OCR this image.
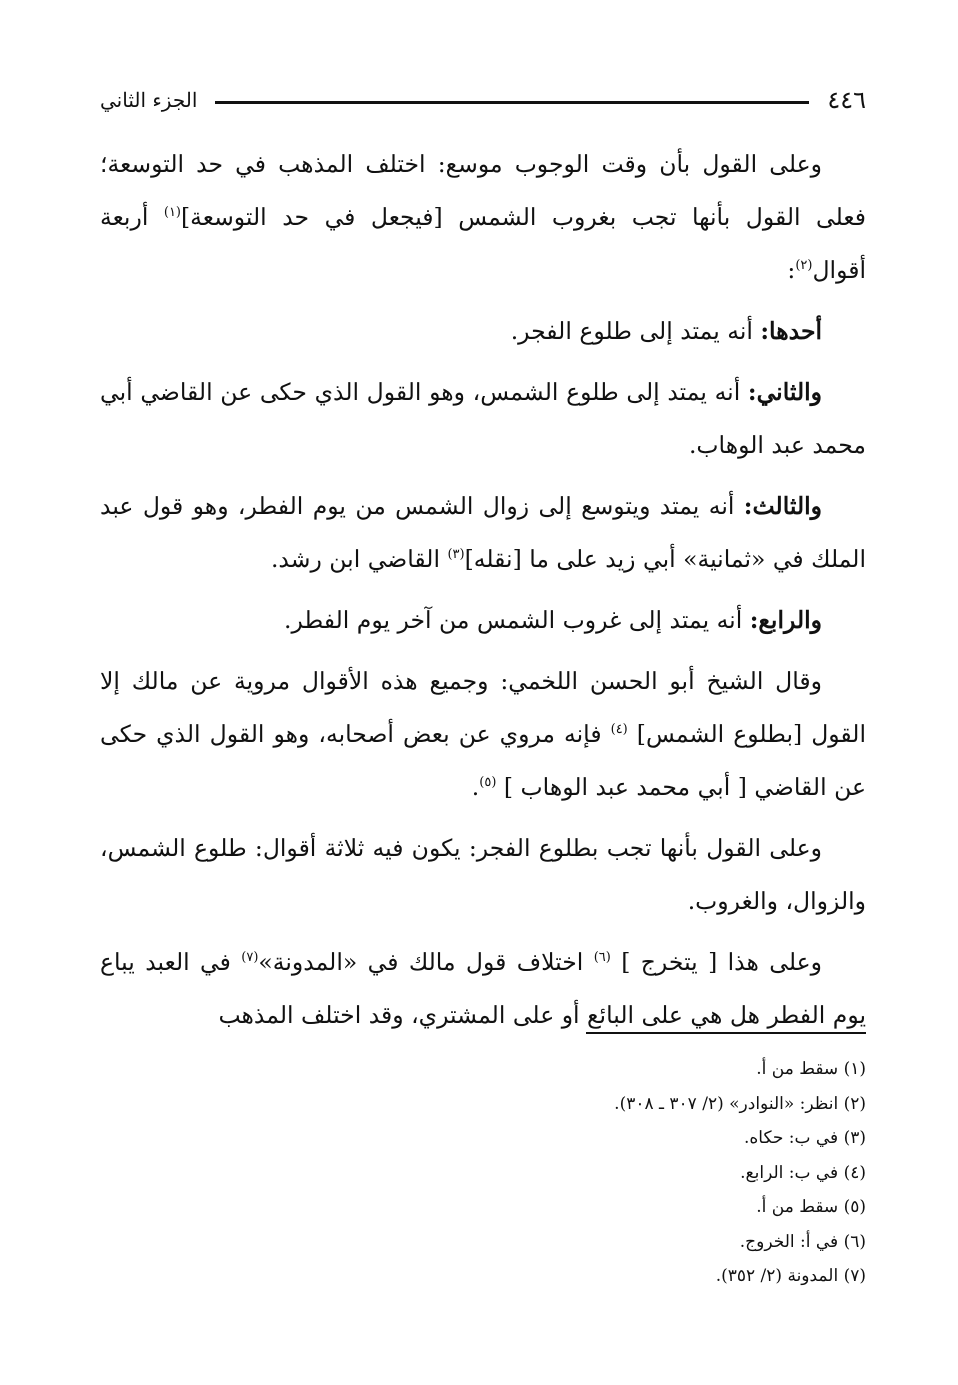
٤٤٦
الجزء الثاني

وعلى القول بأن وقت الوجوب موسع: اختلف المذهب في حد التوسعة؛ فعلى القول بأنها تجب بغروب الشمس [فيجعل في حد التوسعة]$^{(١)}$ أربعة أقوال$^{(٢)}$:

أحدها: أنه يمتد إلى طلوع الفجر.

والثاني: أنه يمتد إلى طلوع الشمس، وهو القول الذي حكى عن القاضي أبي محمد عبد الوهاب.

والثالث: أنه يمتد ويتوسع إلى زوال الشمس من يوم الفطر، وهو قول عبد الملك في «ثمانية» أبي زيد على ما [نقله]$^{(٣)}$ القاضي ابن رشد.

والرابع: أنه يمتد إلى غروب الشمس من آخر يوم الفطر.

وقال الشيخ أبو الحسن اللخمي: وجميع هذه الأقوال مروية عن مالك إلا القول [بطلوع الشمس] $^{(٤)}$ فإنه مروي عن بعض أصحابه، وهو القول الذي حكى عن القاضي [ أبي محمد عبد الوهاب ] $^{(٥)}$.

وعلى القول بأنها تجب بطلوع الفجر: يكون فيه ثلاثة أقوال: طلوع الشمس، والزوال، والغروب.

وعلى هذا [ يتخرج ] $^{(٦)}$ اختلاف قول مالك في «المدونة»$^{(٧)}$ في العبد يباع يوم الفطر هل هي على البائع أو على المشتري، وقد اختلف المذهب

(١) سقط من أ.
(٢) انظر: «النوادر» (٢/ ٣٠٧ ـ ٣٠٨).
(٣) في ب: حكاه.
(٤) في ب: الرابع.
(٥) سقط من أ.
(٦) في أ: الخروج.
(٧) المدونة (٢/ ٣٥٢).
